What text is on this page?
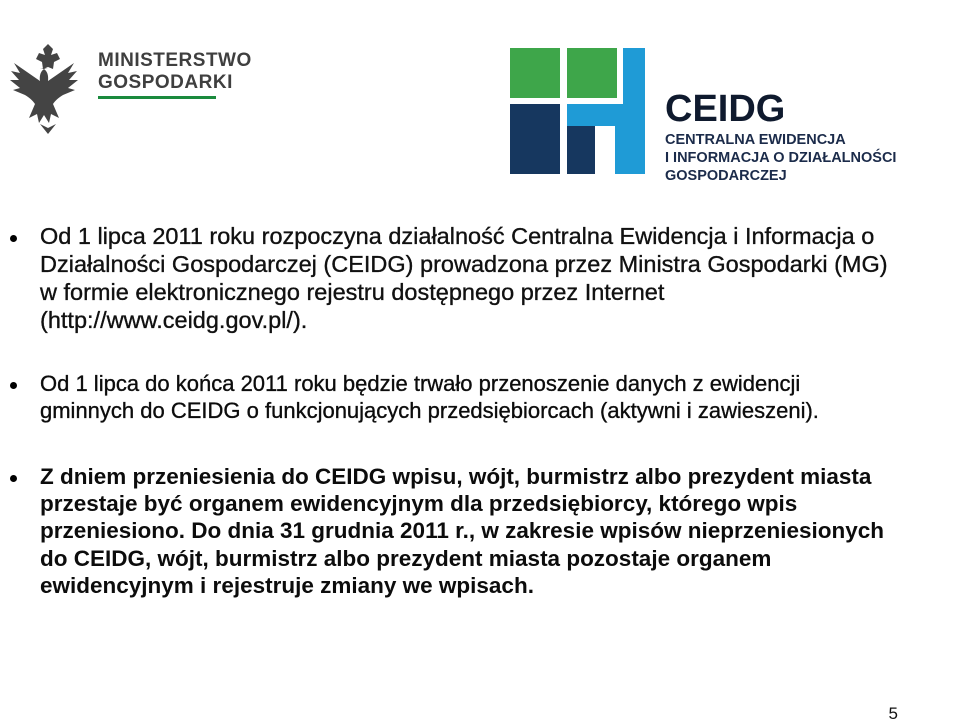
MINISTERSTWO
GOSPODARKI
CEIDG
CENTRALNA EWIDENCJA
I INFORMACJA O DZIAŁALNOŚCI
GOSPODARCZEJ
Od 1 lipca 2011 roku rozpoczyna działalność Centralna Ewidencja i Informacja o Działalności Gospodarczej (CEIDG) prowadzona przez Ministra Gospodarki (MG) w formie elektronicznego rejestru dostępnego przez Internet (http://www.ceidg.gov.pl/).
Od 1 lipca do końca 2011 roku będzie trwało przenoszenie danych z ewidencji gminnych do CEIDG o funkcjonujących przedsiębiorcach (aktywni i zawieszeni).
Z dniem przeniesienia do CEIDG wpisu, wójt, burmistrz albo prezydent miasta przestaje być organem ewidencyjnym dla przedsiębiorcy, którego wpis przeniesiono. Do dnia 31 grudnia 2011 r., w zakresie wpisów nieprzeniesionych do CEIDG, wójt, burmistrz albo prezydent miasta pozostaje organem ewidencyjnym i rejestruje zmiany we wpisach.
5
